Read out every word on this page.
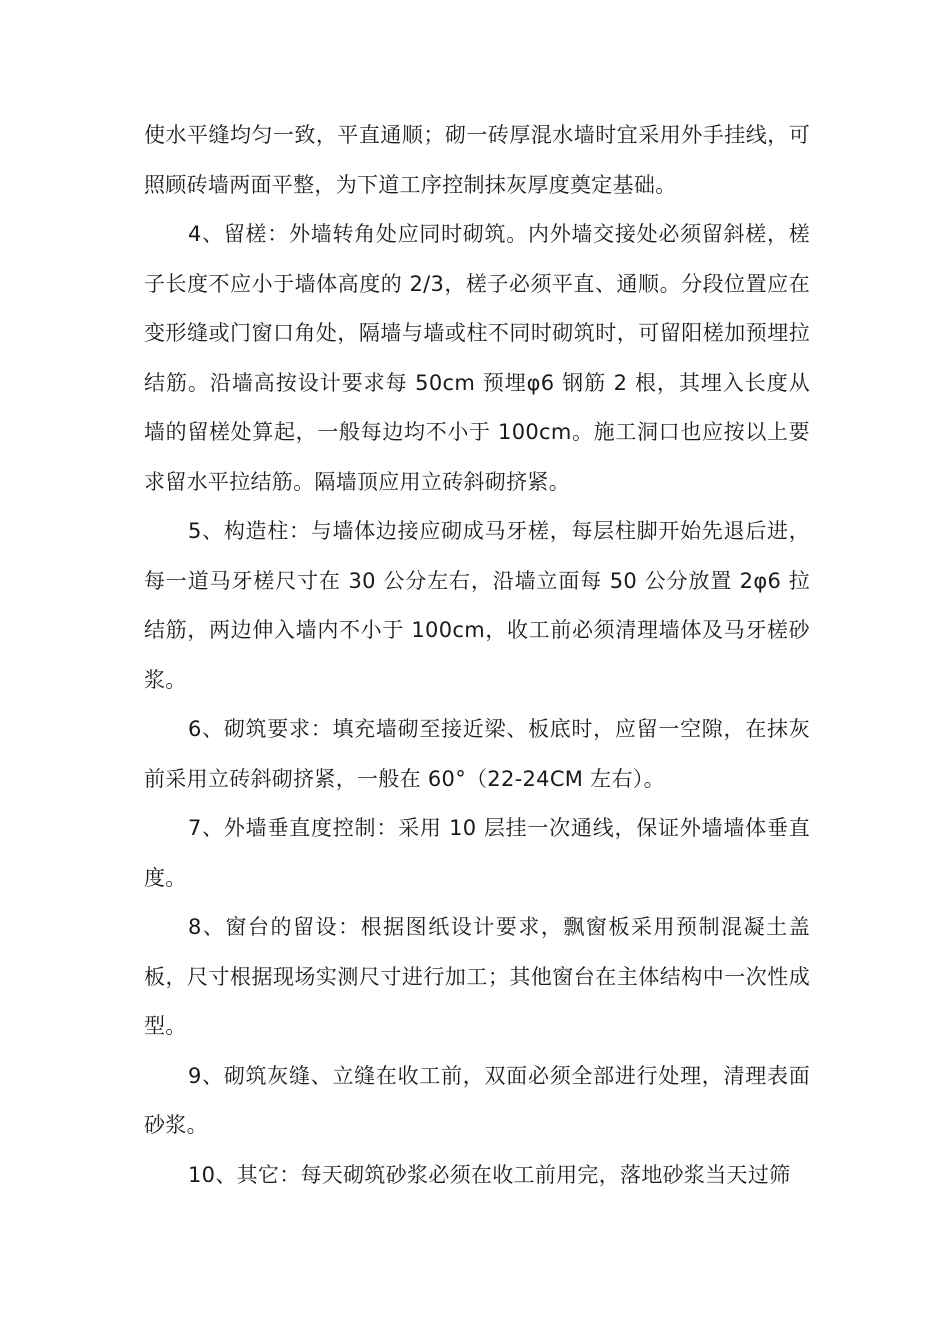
使水平缝均匀一致，平直通顺；砌一砖厚混水墙时宜采用外手挂线，可照顾砖墙两面平整，为下道工序控制抹灰厚度奠定基础。

4、留槎：外墙转角处应同时砌筑。内外墙交接处必须留斜槎，槎子长度不应小于墙体高度的 2/3，槎子必须平直、通顺。分段位置应在变形缝或门窗口角处，隔墙与墙或柱不同时砌筑时，可留阳槎加预埋拉结筋。沿墙高按设计要求每 50cm 预埋φ6 钢筋 2 根，其埋入长度从墙的留槎处算起，一般每边均不小于 100cm。施工洞口也应按以上要求留水平拉结筋。隔墙顶应用立砖斜砌挤紧。

5、构造柱：与墙体边接应砌成马牙槎，每层柱脚开始先退后进，每一道马牙槎尺寸在 30 公分左右，沿墙立面每 50 公分放置 2φ6 拉结筋，两边伸入墙内不小于 100cm，收工前必须清理墙体及马牙槎砂浆。

6、砌筑要求：填充墙砌至接近梁、板底时，应留一空隙，在抹灰前采用立砖斜砌挤紧，一般在 60°（22-24CM 左右）。

7、外墙垂直度控制：采用 10 层挂一次通线，保证外墙墙体垂直度。

8、窗台的留设：根据图纸设计要求，飘窗板采用预制混凝土盖板，尺寸根据现场实测尺寸进行加工；其他窗台在主体结构中一次性成型。

9、砌筑灰缝、立缝在收工前，双面必须全部进行处理，清理表面砂浆。

10、其它：每天砌筑砂浆必须在收工前用完，落地砂浆当天过筛
